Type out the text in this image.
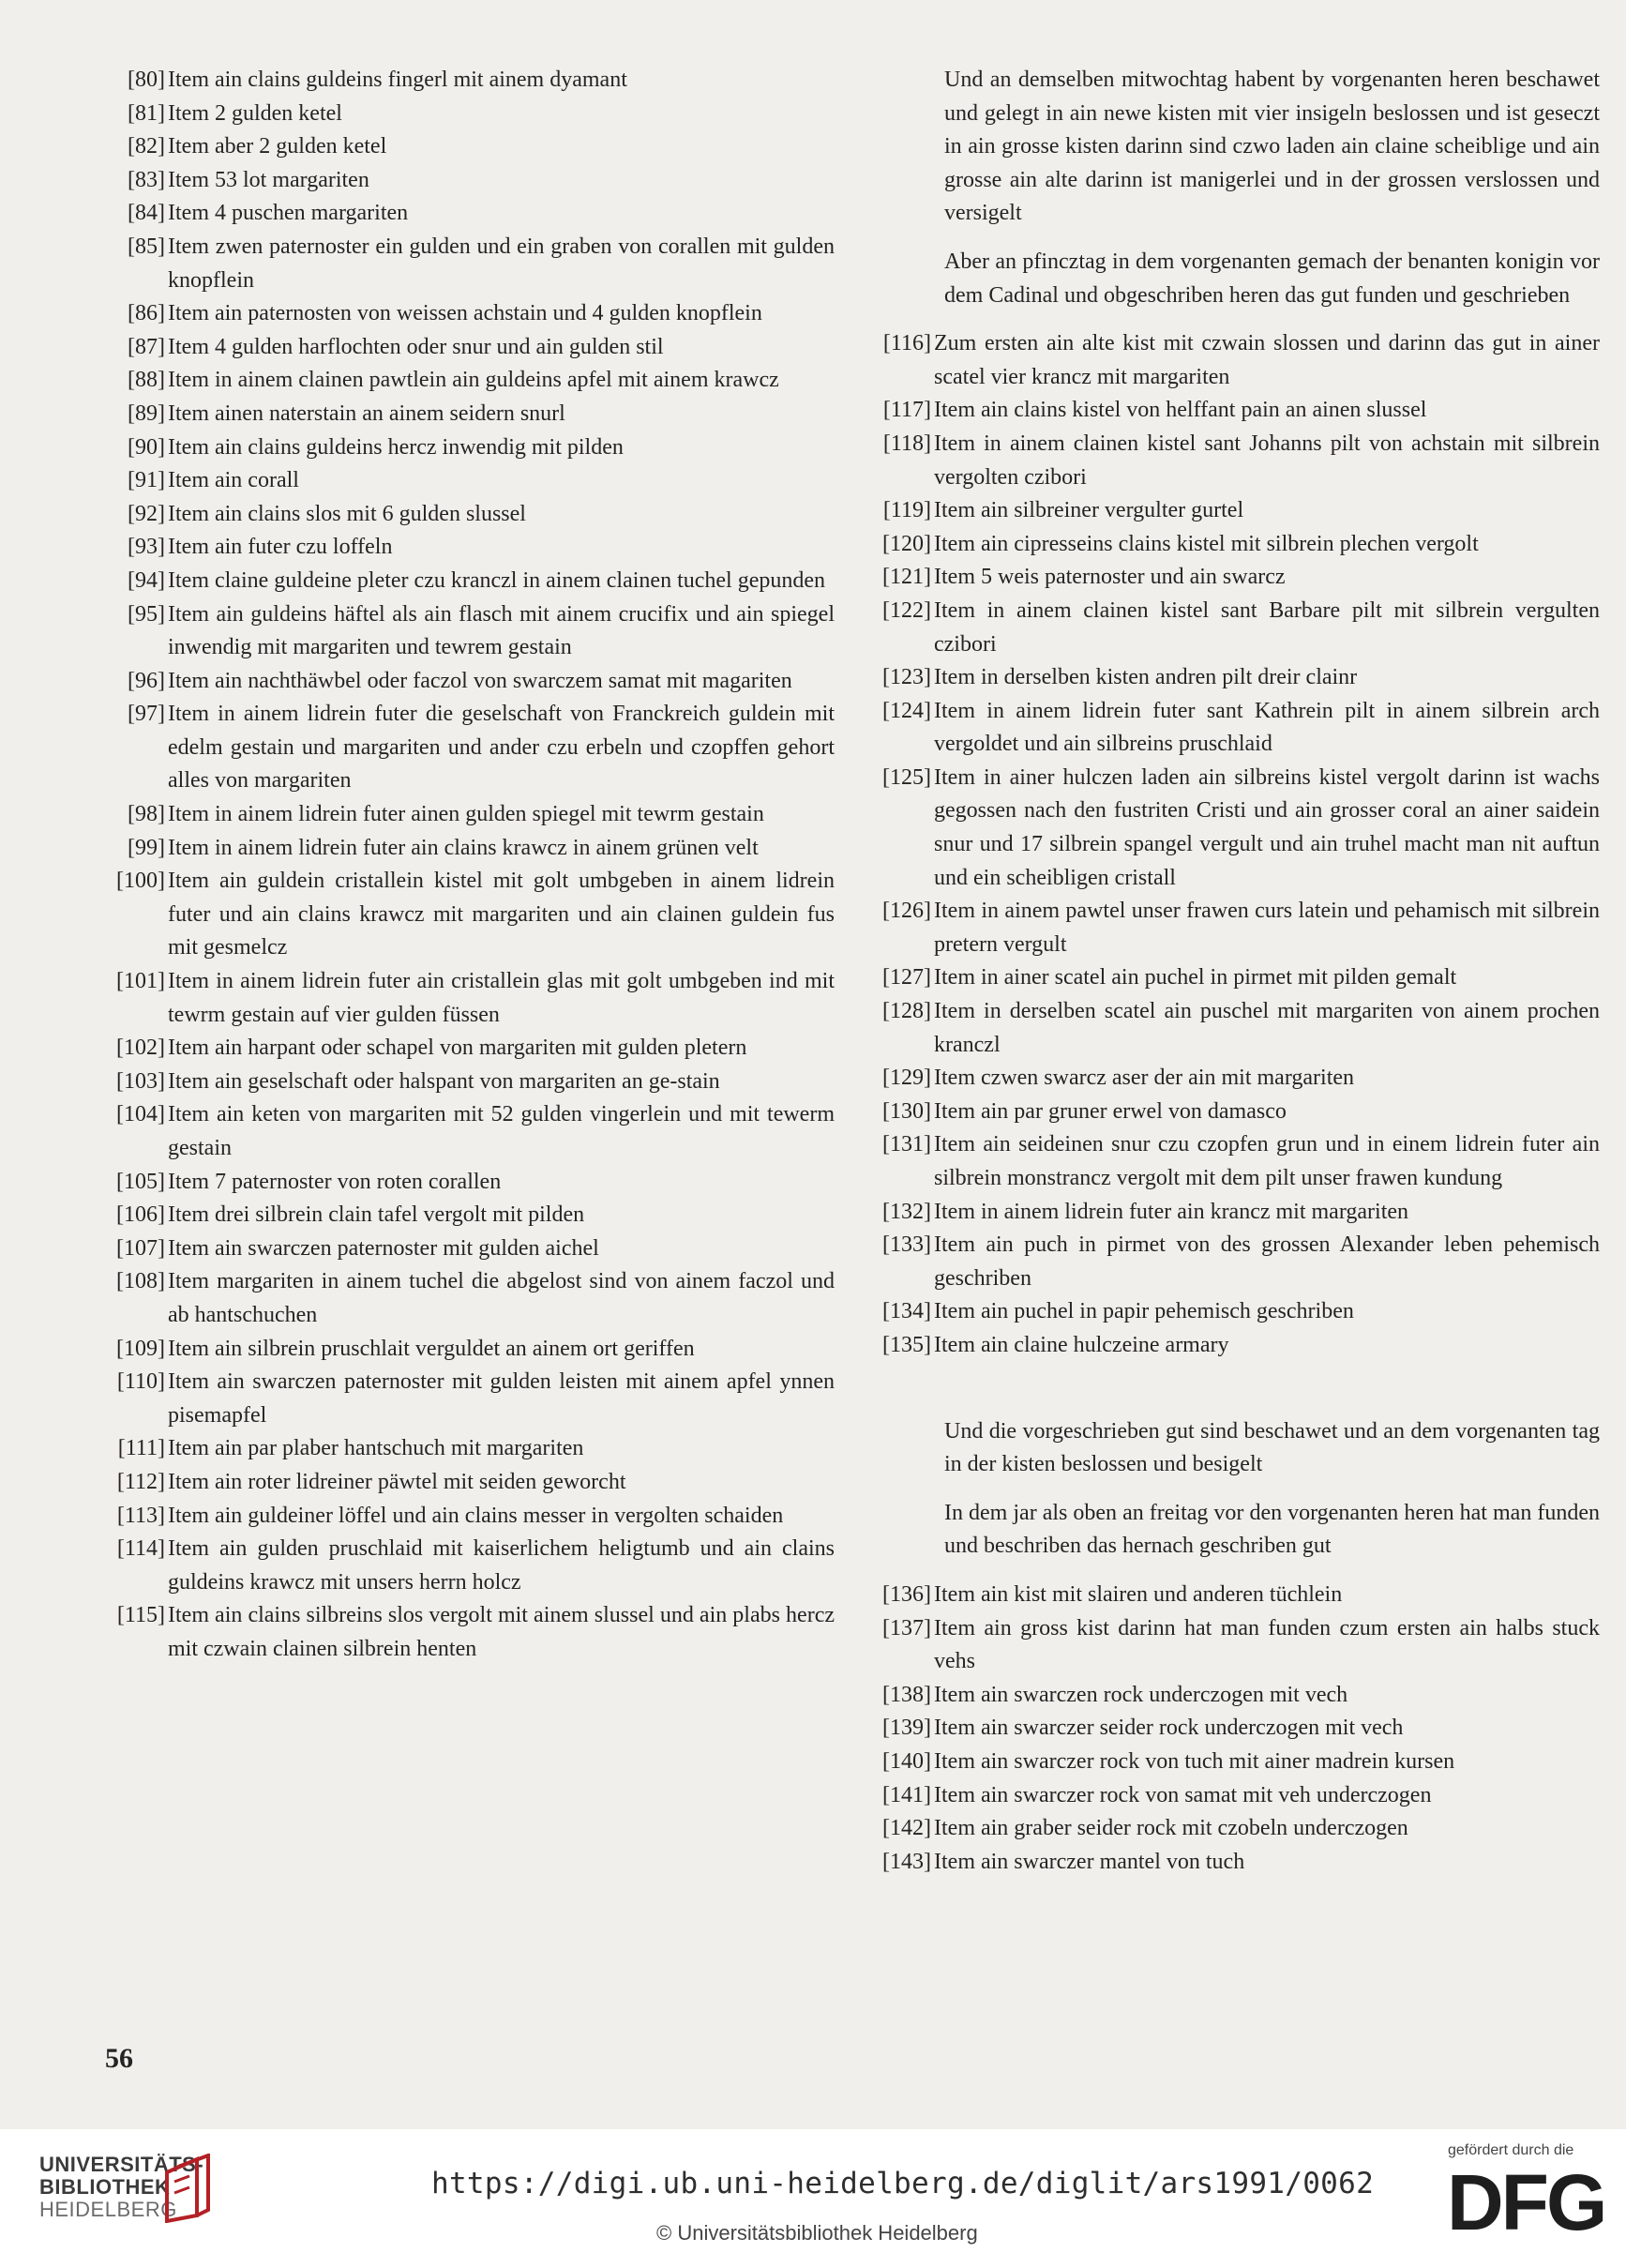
[80] Item ain clains guldeins fingerl mit ainem dyamant
[81] Item 2 gulden ketel
[82] Item aber 2 gulden ketel
[83] Item 53 lot margariten
[84] Item 4 puschen margariten
[85] Item zwen paternoster ein gulden und ein graben von corallen mit gulden knopflein
[86] Item ain paternosten von weissen achstain und 4 gulden knopflein
[87] Item 4 gulden harflochten oder snur und ain gulden stil
[88] Item in ainem clainen pawtlein ain guldeins apfel mit ainem krawcz
[89] Item ainen naterstain an ainem seidern snurl
[90] Item ain clains guldeins hercz inwendig mit pilden
[91] Item ain corall
[92] Item ain clains slos mit 6 gulden slussel
[93] Item ain futer czu loffeln
[94] Item claine guldeine pleter czu kranczl in ainem clainen tuchel gepunden
[95] Item ain guldeins häftel als ain flasch mit ainem crucifix und ain spiegel inwendig mit margariten und tewrem gestain
[96] Item ain nachthäwbel oder faczol von swarczem samat mit magariten
[97] Item in ainem lidrein futer die geselschaft von Franckreich guldein mit edelm gestain und margariten und ander czu erbeln und czopffen gehort alles von margariten
[98] Item in ainem lidrein futer ainen gulden spiegel mit tewrm gestain
[99] Item in ainem lidrein futer ain clains krawcz in ainem grünen velt
[100] Item ain guldein cristallein kistel mit golt umbgeben in ainem lidrein futer und ain clains krawcz mit margariten und ain clainen guldein fus mit gesmelcz
[101] Item in ainem lidrein futer ain cristallein glas mit golt umbgeben ind mit tewrm gestain auf vier gulden füssen
[102] Item ain harpant oder schapel von margariten mit gulden pletern
[103] Item ain geselschaft oder halspant von margariten an ge-stain
[104] Item ain keten von margariten mit 52 gulden vingerlein und mit tewerm gestain
[105] Item 7 paternoster von roten corallen
[106] Item drei silbrein clain tafel vergolt mit pilden
[107] Item ain swarczen paternoster mit gulden aichel
[108] Item margariten in ainem tuchel die abgelost sind von ainem faczol und ab hantschuchen
[109] Item ain silbrein pruschlait verguldet an ainem ort geriffen
[110] Item ain swarczen paternoster mit gulden leisten mit ainem apfel ynnen pisemapfel
[111] Item ain par plaber hantschuch mit margariten
[112] Item ain roter lidreiner päwtel mit seiden geworcht
[113] Item ain guldeiner löffel und ain clains messer in vergolten schaiden
[114] Item ain gulden pruschlaid mit kaiserlichem heligtumb und ain clains guldeins krawcz mit unsers herrn holcz
[115] Item ain clains silbreins slos vergolt mit ainem slussel und ain plabs hercz mit czwain clainen silbrein henten
Und an demselben mitwochtag habent by vorgenanten heren beschawet und gelegt in ain newe kisten mit vier insigeln beslossen und ist geseczt in ain grosse kisten darinn sind czwo laden ain claine scheiblige und ain grosse ain alte darinn ist manigerlei und in der grossen verslossen und versigelt
Aber an pfincztag in dem vorgenanten gemach der benanten konigin vor dem Cadinal und obgeschriben heren das gut funden und geschrieben
[116] Zum ersten ain alte kist mit czwain slossen und darinn das gut in ainer scatel vier krancz mit margariten
[117] Item ain clains kistel von helffant pain an ainen slussel
[118] Item in ainem clainen kistel sant Johanns pilt von achstain mit silbrein vergolten czibori
[119] Item ain silbreiner vergulter gurtel
[120] Item ain cipresseins clains kistel mit silbrein plechen vergolt
[121] Item 5 weis paternoster und ain swarcz
[122] Item in ainem clainen kistel sant Barbare pilt mit silbrein vergulten czibori
[123] Item in derselben kisten andren pilt dreir clainr
[124] Item in ainem lidrein futer sant Kathrein pilt in ainem silbrein arch vergoldet und ain silbreins pruschlaid
[125] Item in ainer hulczen laden ain silbreins kistel vergolt darinn ist wachs gegossen nach den fustriten Cristi und ain grosser coral an ainer saidein snur und 17 silbrein spangel vergult und ain truhel macht man nit auftun und ein scheibligen cristall
[126] Item in ainem pawtel unser frawen curs latein und pehamisch mit silbrein pretern vergult
[127] Item in ainer scatel ain puchel in pirmet mit pilden gemalt
[128] Item in derselben scatel ain puschel mit margariten von ainem prochen kranczl
[129] Item czwen swarcz aser der ain mit margariten
[130] Item ain par gruner erwel von damasco
[131] Item ain seideinen snur czu czopfen grun und in einem lidrein futer ain silbrein monstrancz vergolt mit dem pilt unser frawen kundung
[132] Item in ainem lidrein futer ain krancz mit margariten
[133] Item ain puch in pirmet von des grossen Alexander leben pehemisch geschriben
[134] Item ain puchel in papir pehemisch geschriben
[135] Item ain claine hulczeine armary
Und die vorgeschrieben gut sind beschawet und an dem vorgenanten tag in der kisten beslossen und besigelt
In dem jar als oben an freitag vor den vorgenanten heren hat man funden und beschriben das hernach geschriben gut
[136] Item ain kist mit slairen und anderen tüchlein
[137] Item ain gross kist darinn hat man funden czum ersten ain halbs stuck vehs
[138] Item ain swarczen rock underczogen mit vech
[139] Item ain swarczer seider rock underczogen mit vech
[140] Item ain swarczer rock von tuch mit ainer madrein kursen
[141] Item ain swarczer rock von samat mit veh underczogen
[142] Item ain graber seider rock mit czobeln underczogen
[143] Item ain swarczer mantel von tuch
56
UNIVERSITÄTS-
BIBLIOTHEK
HEIDELBERG
https://digi.ub.uni-heidelberg.de/diglit/ars1991/0062
© Universitätsbibliothek Heidelberg
gefördert durch die
DFG
